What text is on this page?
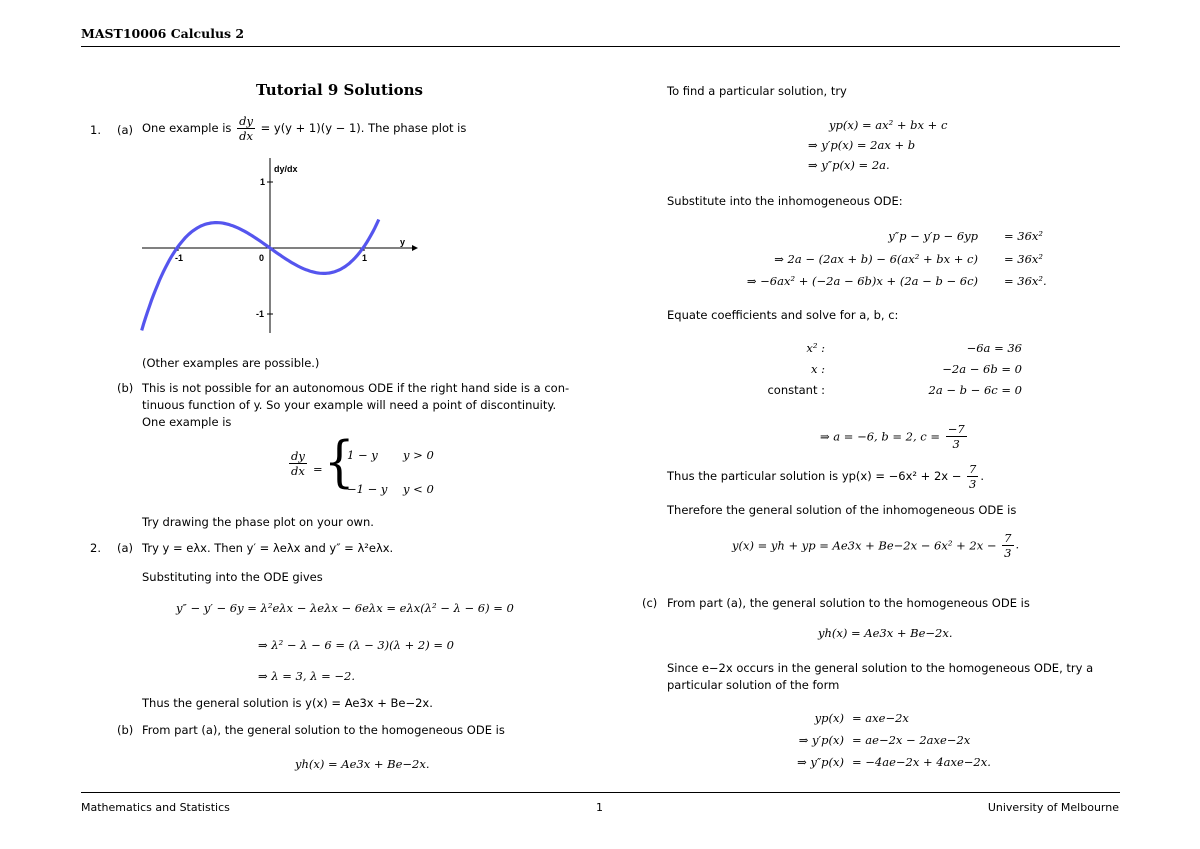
MAST10006 Calculus 2
Tutorial 9 Solutions
1. (a) One example is $\frac{dy}{dx} = y(y + 1)(y - 1)$. The phase plot is
dy/dx
y
-1	0	1
1
-1
(Other examples are possible.)
(b) This is not possible for an autonomous ODE if the right hand side is a con-
tinuous function of y. So your example will need a point of discontinuity.
One example is
$\frac{dy}{dx}$ = {
1 − y y > 0
−1 − y y < 0
Try drawing the phase plot on your own.
2. (a) Try y = eλx. Then y′ = λeλx and y″ = λ²eλx.
Substituting into the ODE gives
y″ − y′ − 6y = λ²eλx − λeλx − 6eλx = eλx(λ² − λ − 6) = 0
⇒ λ² − λ − 6 = (λ − 3)(λ + 2) = 0
⇒ λ = 3, λ = −2.
Thus the general solution is y(x) = Ae3x + Be−2x.
(b) From part (a), the general solution to the homogeneous ODE is
yh(x) = Ae3x + Be−2x.
To find a particular solution, try
yp(x) = ax² + bx + c
⇒ y′p(x) = 2ax + b
⇒ y″p(x) = 2a.
Substitute into the inhomogeneous ODE:
y″p − y′p − 6yp = 36x²
⇒ 2a − (2ax + b) − 6(ax² + bx + c) = 36x²
⇒ −6ax² + (−2a − 6b)x + (2a − b − 6c) = 36x².
Equate coefficients and solve for a, b, c:
x² :	−6a = 36
x :	−2a − 6b = 0
constant :	2a − b − 6c = 0
⇒ a = −6, b = 2, $c = \frac{-7}{3}$
Thus the particular solution is $yp(x) = -6x^2 + 2x - \frac{7}{3}$ .
Therefore the general solution of the inhomogeneous ODE is
y(x) = yh + yp = $Ae3x + Be-2x - 6x^2 + 2x - \frac{7}{3}$ .
(c) From part (a), the general solution to the homogeneous ODE is
yh(x) = Ae3x + Be−2x.
Since e−2x occurs in the general solution to the homogeneous ODE, try a
particular solution of the form
yp(x) = axe−2x
⇒ y′p(x) = ae−2x − 2axe−2x
⇒ y″p(x) = −4ae−2x + 4axe−2x.
Mathematics and Statistics	1	University of Melbourne
